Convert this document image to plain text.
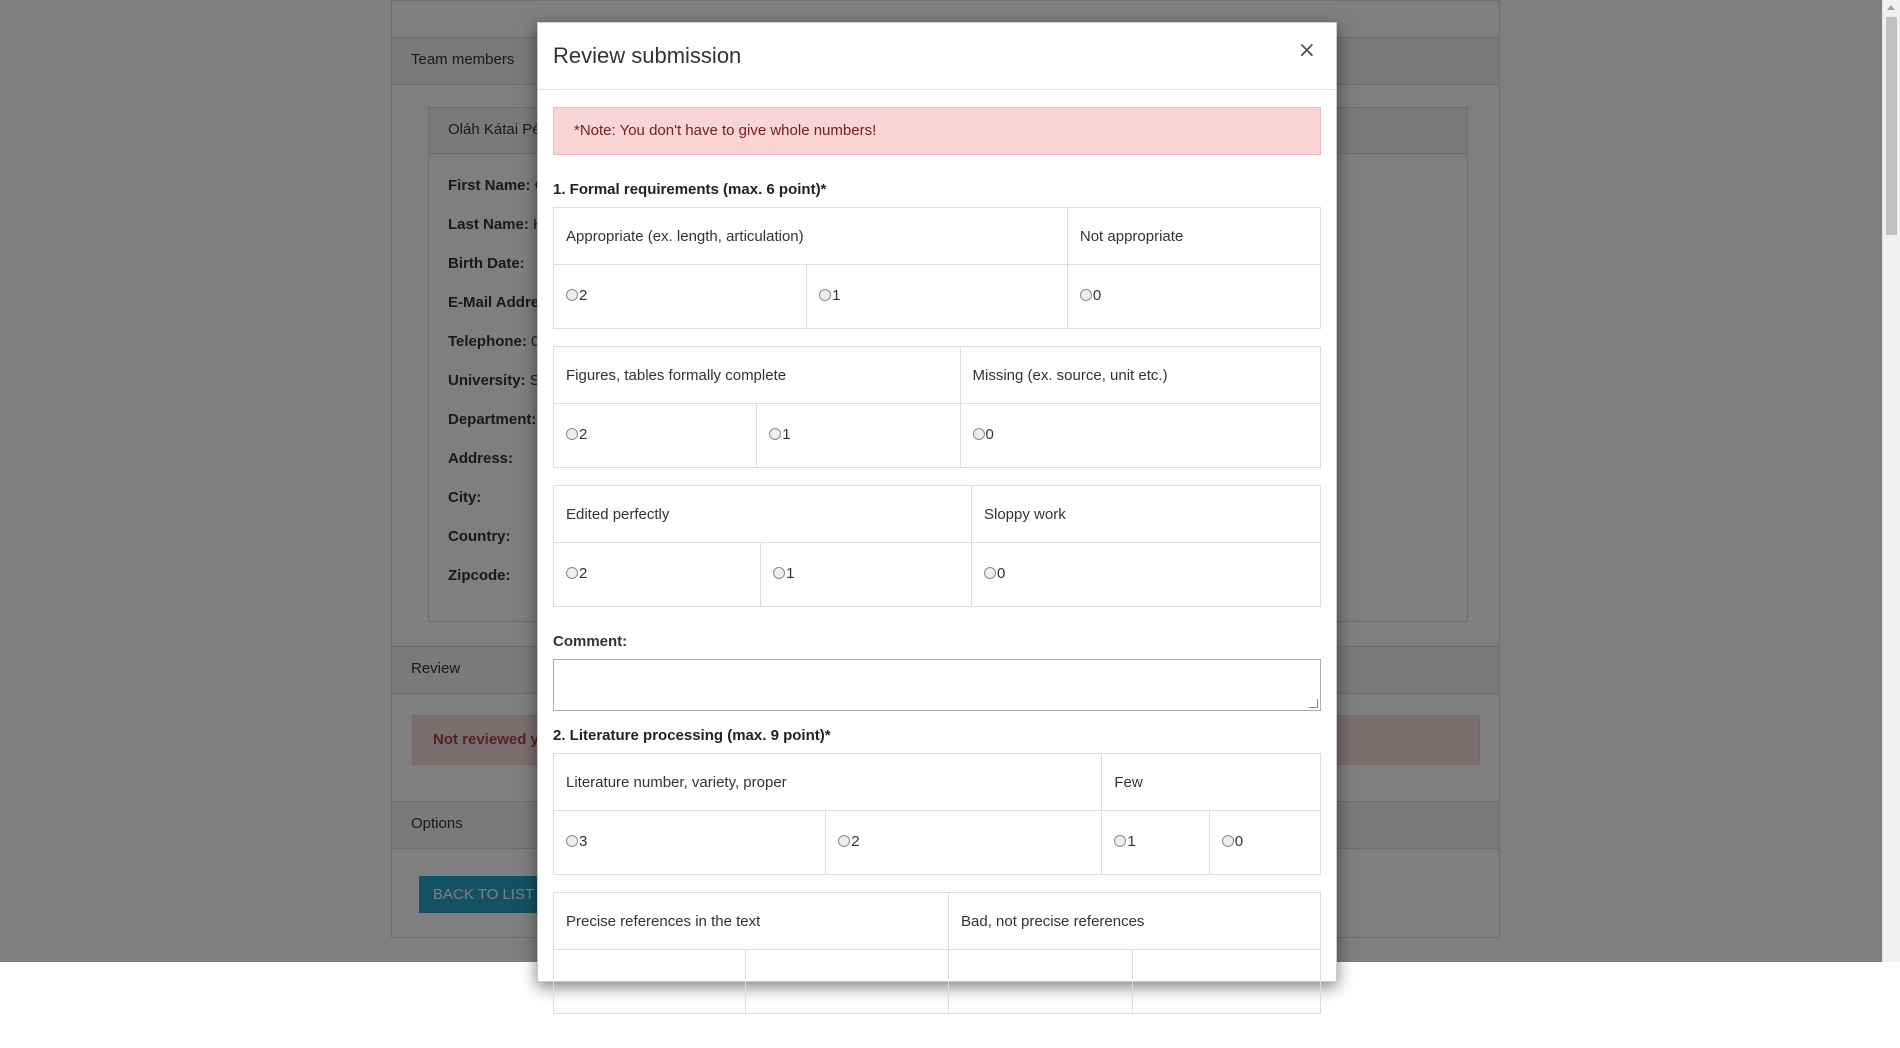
Review submission	×
*Note: You don't have to give whole numbers!
1. Formal requirements (max. 6 point)*
Appropriate (ex. length, articulation)		Not appropriate

2	1	0
Figures, tables formally complete		Missing (ex. source, unit etc.)

2	1	0
Edited perfectly		Sloppy work

2	1	0
Comment:
2. Literature processing (max. 9 point)*
Literature number, variety, proper		Few	

3	2	1	0
Precise references in the text		Bad, not precise references	
